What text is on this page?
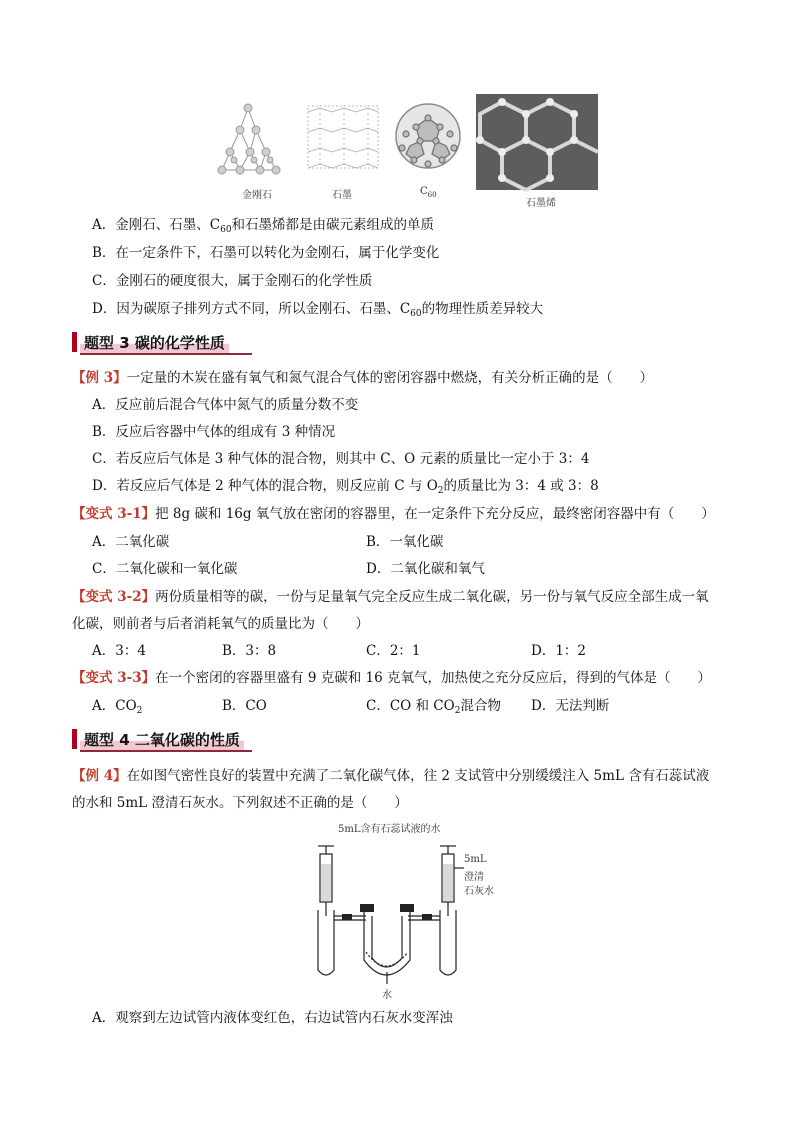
金刚石	石墨	$C_{60}$
石墨烯
A．金刚石、石墨、$C_{60}$和石墨烯都是由碳元素组成的单质
B．在一定条件下，石墨可以转化为金刚石，属于化学变化
C．金刚石的硬度很大，属于金刚石的化学性质
D．因为碳原子排列方式不同，所以金刚石、石墨、$C_{60}$的物理性质差异较大
题型 3 碳的化学性质
【例 3】一定量的木炭在盛有氧气和氮气混合气体的密闭容器中燃烧，有关分析正确的是（　　）
A．反应前后混合气体中氮气的质量分数不变
B．反应后容器中气体的组成有 3 种情况
C．若反应后气体是 3 种气体的混合物，则其中 C、O 元素的质量比一定小于 3：4
D．若反应后气体是 2 种气体的混合物，则反应前 C 与 $O_2$的质量比为 3：4 或 3：8
【变式 3-1】把 8g 碳和 16g 氧气放在密闭的容器里，在一定条件下充分反应，最终密闭容器中有（　　）
A．二氧化碳	B．一氧化碳
C．二氧化碳和一氧化碳	D．二氧化碳和氧气
【变式 3-2】两份质量相等的碳，一份与足量氧气完全反应生成二氧化碳，另一份与氧气反应全部生成一氧
化碳，则前者与后者消耗氧气的质量比为（　　）
A．3：4	B．3：8	C．2：1	D．1：2
【变式 3-3】在一个密闭的容器里盛有 9 克碳和 16 克氧气，加热使之充分反应后，得到的气体是（　　）
A．$CO_2$	B．CO	C．CO 和 $CO_2$混合物 D．无法判断
题型 4 二氧化碳的性质
【例 4】在如图气密性良好的装置中充满了二氧化碳气体，往 2 支试管中分别缓缓注入 5mL 含有石蕊试液
的水和 5mL 澄清石灰水。下列叙述不正确的是（　　）
5mL含有石蕊试液的水
5mL
澄清
石灰水
水
A．观察到左边试管内液体变红色，右边试管内石灰水变浑浊
